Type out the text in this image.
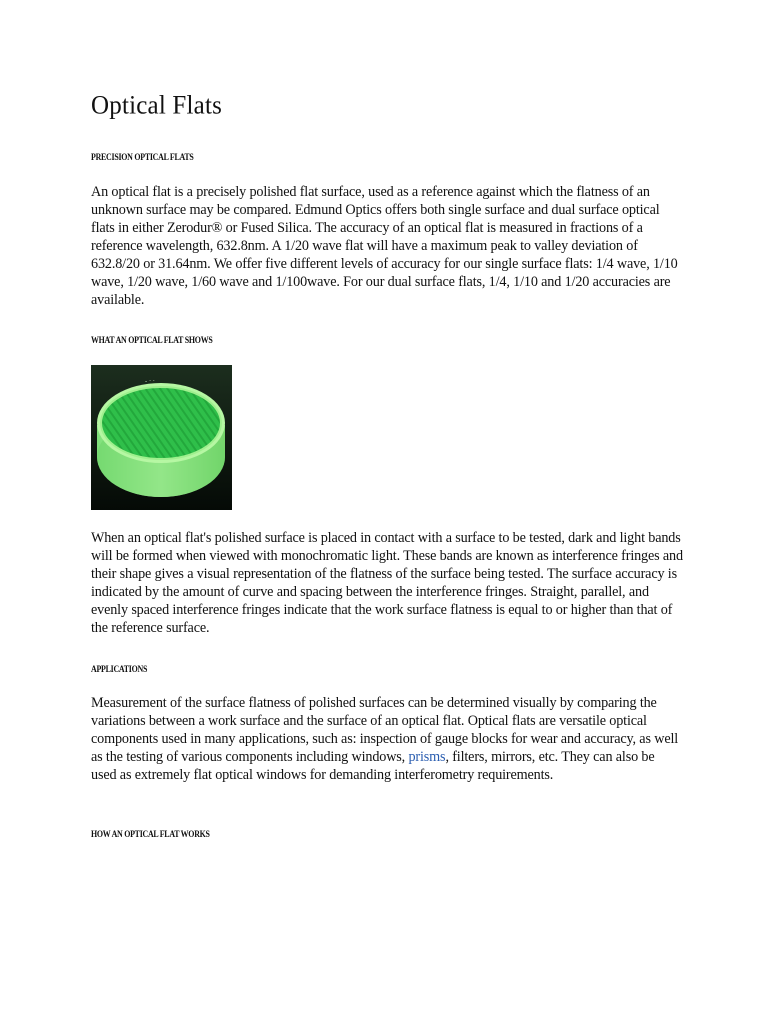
Optical Flats

PRECISION OPTICAL FLATS

An optical flat is a precisely polished flat surface, used as a reference against which the flatness of an unknown surface may be compared. Edmund Optics offers both single surface and dual surface optical flats in either Zerodur® or Fused Silica. The accuracy of an optical flat is measured in fractions of a reference wavelength, 632.8nm. A 1/20 wave flat will have a maximum peak to valley deviation of 632.8/20 or 31.64nm. We offer five different levels of accuracy for our single surface flats: 1/4 wave, 1/10 wave, 1/20 wave, 1/60 wave and 1/100wave. For our dual surface flats, 1/4, 1/10 and 1/20 accuracies are available.

WHAT AN OPTICAL FLAT SHOWS

- · ·

When an optical flat's polished surface is placed in contact with a surface to be tested, dark and light bands will be formed when viewed with monochromatic light. These bands are known as interference fringes and their shape gives a visual representation of the flatness of the surface being tested. The surface accuracy is indicated by the amount of curve and spacing between the interference fringes. Straight, parallel, and evenly spaced interference fringes indicate that the work surface flatness is equal to or higher than that of the reference surface.

APPLICATIONS

Measurement of the surface flatness of polished surfaces can be determined visually by comparing the variations between a work surface and the surface of an optical flat. Optical flats are versatile optical components used in many applications, such as: inspection of gauge blocks for wear and accuracy, as well as the testing of various components including windows, prisms, filters, mirrors, etc. They can also be used as extremely flat optical windows for demanding interferometry requirements.

HOW AN OPTICAL FLAT WORKS
